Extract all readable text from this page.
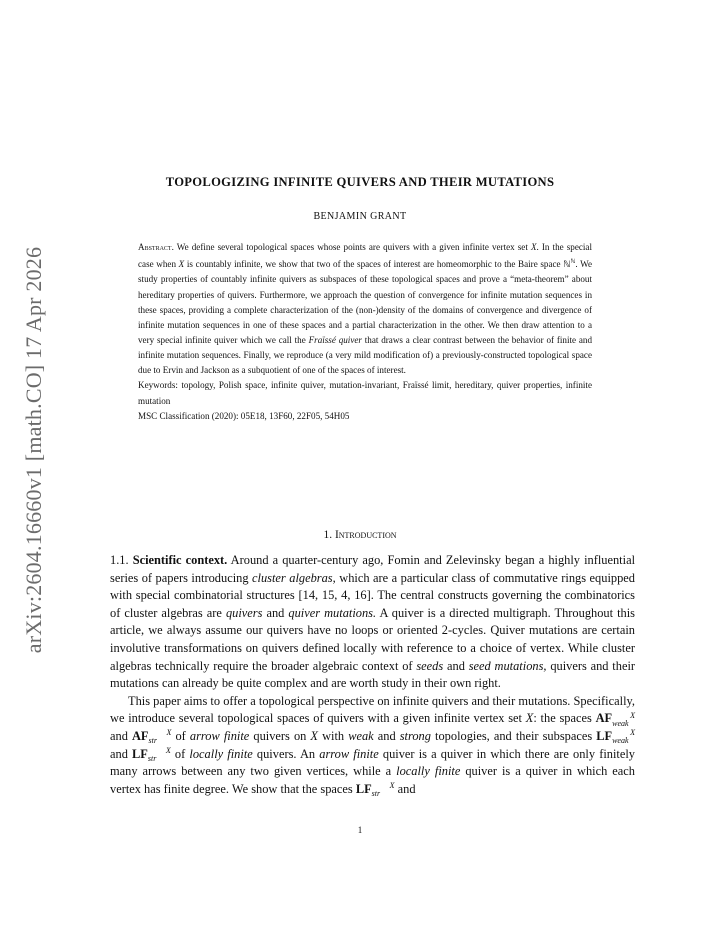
arXiv:2604.16660v1 [math.CO] 17 Apr 2026
TOPOLOGIZING INFINITE QUIVERS AND THEIR MUTATIONS
BENJAMIN GRANT

Abstract. We define several topological spaces whose points are quivers with a given infinite vertex set X. In the special case when X is countably infinite, we show that two of the spaces of interest are homeomorphic to the Baire space ℕ$^ℕ$. We study properties of countably infinite quivers as subspaces of these topological spaces and prove a “meta-theorem” about hereditary properties of quivers. Furthermore, we approach the question of convergence for infinite mutation sequences in these spaces, providing a complete characterization of the (non-)density of the domains of convergence and divergence of infinite mutation sequences in one of these spaces and a partial characterization in the other. We then draw attention to a very special infinite quiver which we call the Fraïssé quiver that draws a clear contrast between the behavior of finite and infinite mutation sequences. Finally, we reproduce (a very mild modification of) a previously-constructed topological space due to Ervin and Jackson as a subquotient of one of the spaces of interest.

Keywords: topology, Polish space, infinite quiver, mutation-invariant, Fraïssé limit, hereditary, quiver properties, infinite mutation

MSC Classification (2020): 05E18, 13F60, 22F05, 54H05

1. Introduction

1.1. Scientific context. Around a quarter-century ago, Fomin and Zelevinsky began a highly influential series of papers introducing cluster algebras, which are a particular class of commutative rings equipped with special combinatorial structures [14, 15, 4, 16]. The central constructs governing the combinatorics of cluster algebras are quivers and quiver mutations. A quiver is a directed multigraph. Throughout this article, we always assume our quivers have no loops or oriented 2-cycles. Quiver mutations are certain involutive transformations on quivers defined locally with reference to a choice of vertex. While cluster algebras technically require the broader algebraic context of seeds and seed mutations, quivers and their mutations can already be quite complex and are worth study in their own right.

This paper aims to offer a topological perspective on infinite quivers and their mutations. Specifically, we introduce several topological spaces of quivers with a given infinite vertex set X: the spaces AF X
weak and AF X
str of arrow finite quivers on X with weak and strong topologies, and their subspaces LF X
weak and LF X
str of locally finite quivers. An arrow finite quiver is a quiver in which there are only finitely many arrows between any two given vertices, while a locally finite quiver is a quiver in which each vertex has finite degree. We show that the spaces LF X
str and

1
